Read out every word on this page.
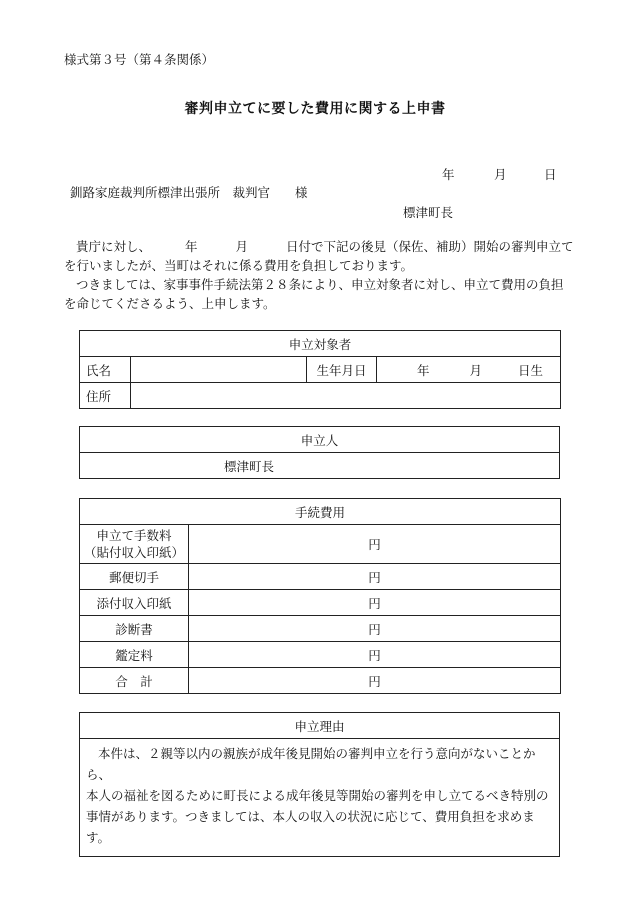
様式第３号（第４条関係）
審判申立てに要した費用に関する上申書
年	月	日
釧路家庭裁判所標津出張所　裁判官　　様
標津町長

貴庁に対し、	年	月	日付で下記の後見（保佐、補助）開始の審判申立てを行いましたが、当町はそれに係る費用を負担しております。

つきましては、家事事件手続法第２８条により、申立対象者に対し、申立て費用の負担を命じてくださるよう、上申します。

申立対象者			
氏名		生年月日	年 月 日生
住所			
申立人
標津町長
手続費用	

申立て手数料
（貼付収入印紙）	円
郵便切手	円
添付収入印紙	円
診断書	円
鑑定料	円
合　計	円
申立理由

本件は、２親等以内の親族が成年後見開始の審判申立を行う意向がないことから、
本人の福祉を図るために町長による成年後見等開始の審判を申し立てるべき特別の
事情があります。つきましては、本人の収入の状況に応じて、費用負担を求めます。
